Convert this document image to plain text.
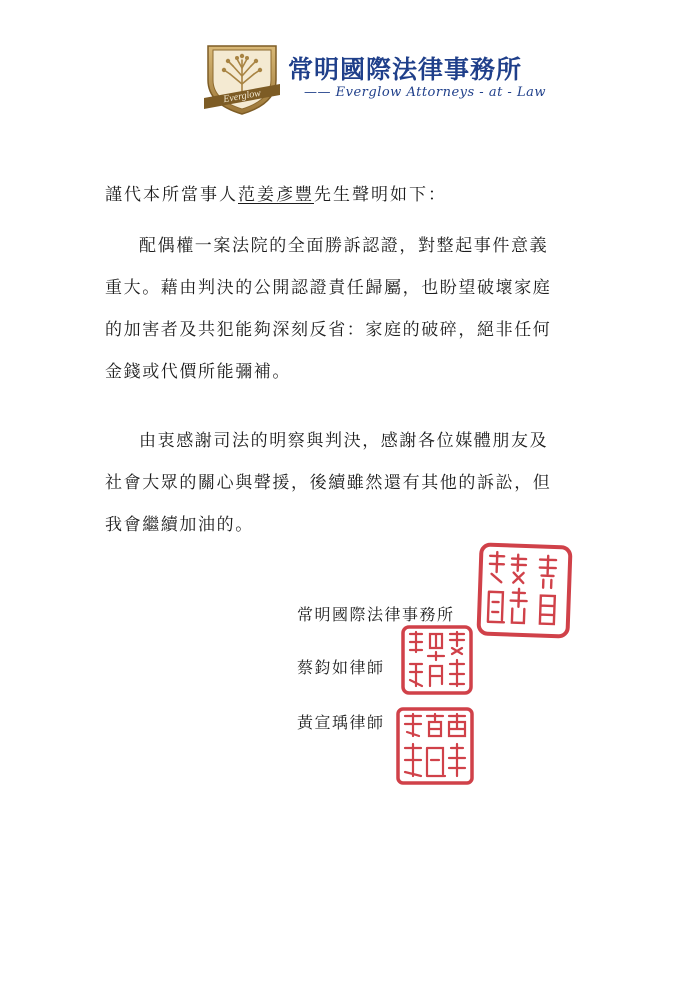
Everglow
常明國際法律事務所
—— Everglow Attorneys - at - Law
謹代本所當事人范姜彥豐先生聲明如下：

配偶權一案法院的全面勝訴認證，對整起事件意義重大。藉由判決的公開認證責任歸屬，也盼望破壞家庭的加害者及共犯能夠深刻反省：家庭的破碎，絕非任何金錢或代價所能彌補。

由衷感謝司法的明察與判決，感謝各位媒體朋友及社會大眾的關心與聲援，後續雖然還有其他的訴訟，但我會繼續加油的。

常明國際法律事務所
蔡鈞如律師
黃宣瑀律師
